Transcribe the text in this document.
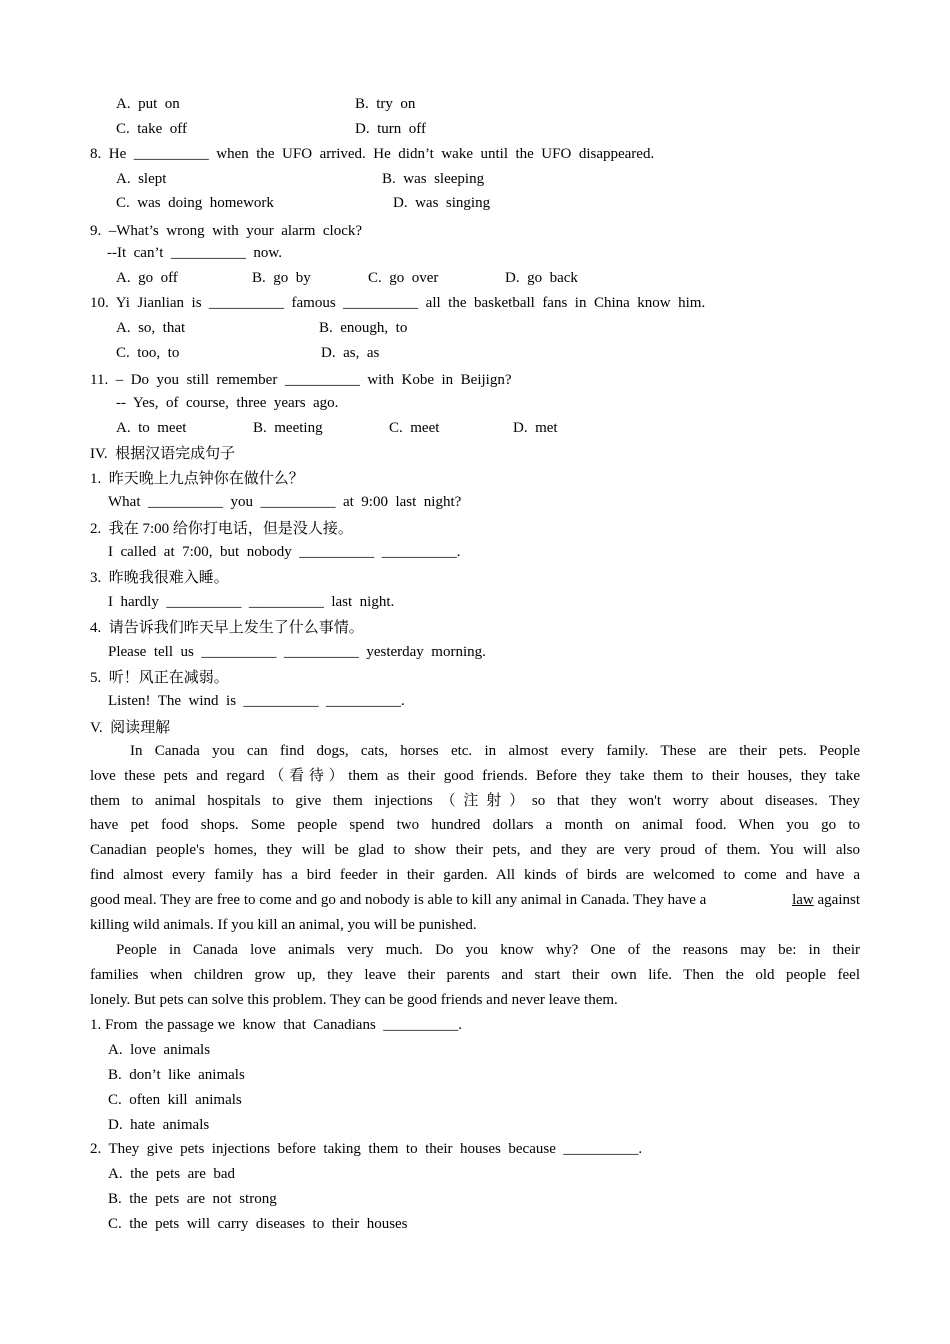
A.  put  on	B.  try  on
C.  take  off	D.  turn  off
8.  He  __________  when  the  UFO  arrived.  He  didn’t  wake  until  the  UFO  disappeared.
A.  slept	B.  was  sleeping
C.  was  doing  homework	D.  was  singing
9.  –What’s  wrong  with  your  alarm  clock?
--It  can’t  __________  now.
A.  go  off	B.  go  by	C.  go  over	D.  go  back
10.  Yi  Jianlian  is  __________  famous  __________  all  the  basketball  fans  in  China  know  him.
A.  so,  that	B.  enough,  to
C.  too,  to	D.  as,  as
11.  –  Do  you  still  remember  __________  with  Kobe  in  Beijign?
--  Yes,  of  course,  three  years  ago.
A.  to  meet	B.  meeting	C.  meet	D.  met
IV.  根据汉语完成句子
1.  昨天晚上九点钟你在做什么？
What  __________  you  __________  at  9:00  last  night?
2.  我在 7:00 给你打电话，但是没人接。
I  called  at  7:00,  but  nobody  __________  __________.
3.  昨晚我很难入睡。
I  hardly  __________  __________  last  night.
4.  请告诉我们昨天早上发生了什么事情。
Please  tell  us  __________  __________  yesterday  morning.
5.  听！风正在减弱。
Listen!  The  wind  is  __________  __________.
V.  阅读理解
In Canada you can find dogs, cats, horses etc. in almost every family. These are their pets. People
love these pets and regard（看待）them as their good friends. Before they take them to their houses, they take
them to animal hospitals to give them injections（注射）so that they won't worry about diseases. They
have pet food shops. Some people spend two hundred dollars a month on animal food. When you go to
Canadian people's homes, they will be glad to show their pets, and they are very proud of them. You will also
find almost every family has a bird feeder in their garden. All kinds of birds are welcomed to come and have a
good meal. They are free to come and go and nobody is able to kill any animal in Canada. They have a	law against
killing wild animals. If you kill an animal, you will be punished.
People in Canada love animals very much. Do you know why? One of the reasons may be: in their
families when children grow up, they leave their parents and start their own life. Then the old people feel
lonely. But pets can solve this problem. They can be good friends and never leave them.
1. From  the passage we  know  that  Canadians  __________.
A.  love  animals
B.  don’t  like  animals
C.  often  kill  animals
D.  hate  animals
2.  They  give  pets  injections  before  taking  them  to  their  houses  because  __________.
A.  the  pets  are  bad
B.  the  pets  are  not  strong
C.  the  pets  will  carry  diseases  to  their  houses
